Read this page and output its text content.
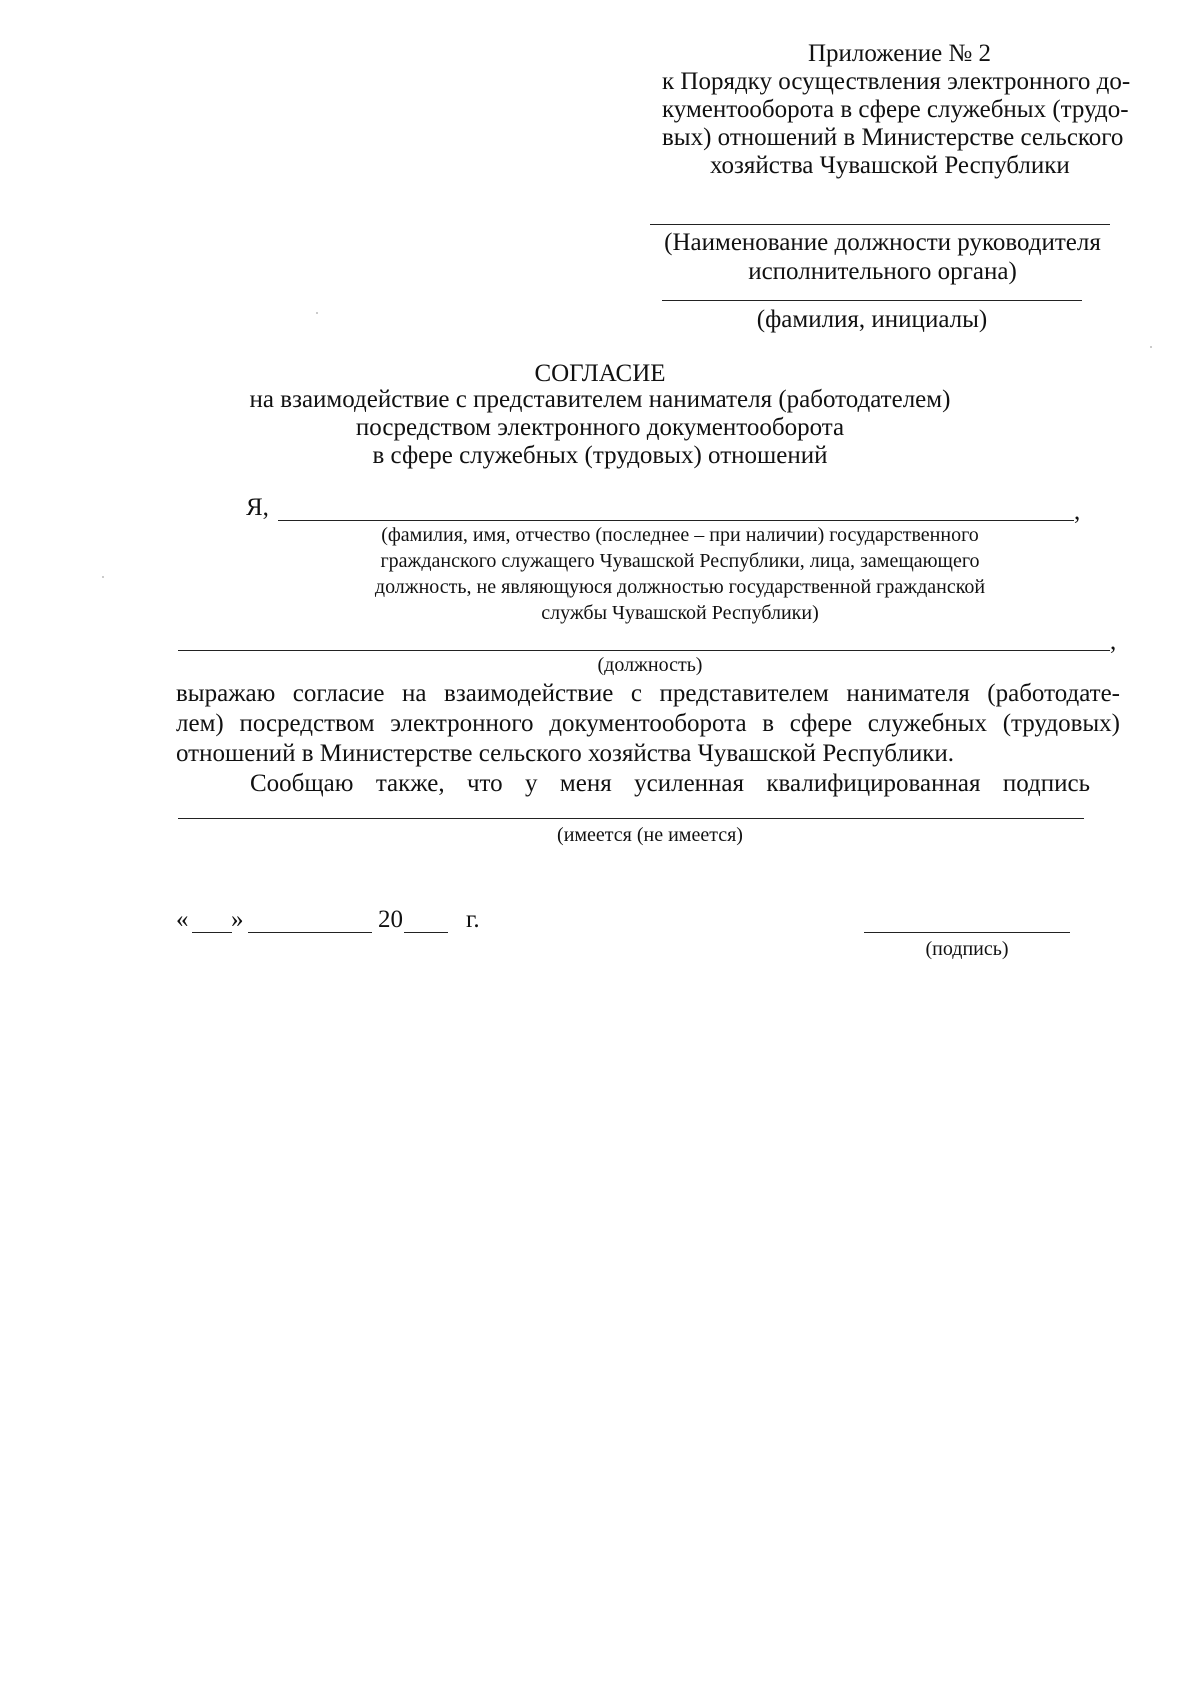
Приложение № 2
к Порядку осуществления электронного до-
кументооборота в сфере служебных (трудо-
вых) отношений в Министерстве сельского
хозяйства Чувашской Республики
(Наименование должности руководителя
исполнительного органа)
(фамилия, инициалы)
СОГЛАСИЕ
на взаимодействие с представителем нанимателя (работодателем)
посредством электронного документооборота
в сфере служебных (трудовых) отношений
Я,	,
(фамилия, имя, отчество (последнее – при наличии) государственного
гражданского служащего Чувашской Республики, лица, замещающего
должность, не являющуюся должностью государственной гражданской
службы Чувашской Республики)
,
(должность)
выражаю согласие на взаимодействие с представителем нанимателя (работодате-
лем) посредством электронного документооборота в сфере служебных (трудовых)
отношений в Министерстве сельского хозяйства Чувашской Республики.
Сообщаю также, что у меня усиленная квалифицированная подпись
(имеется (не имеется)
« »	20	г.
(подпись)
